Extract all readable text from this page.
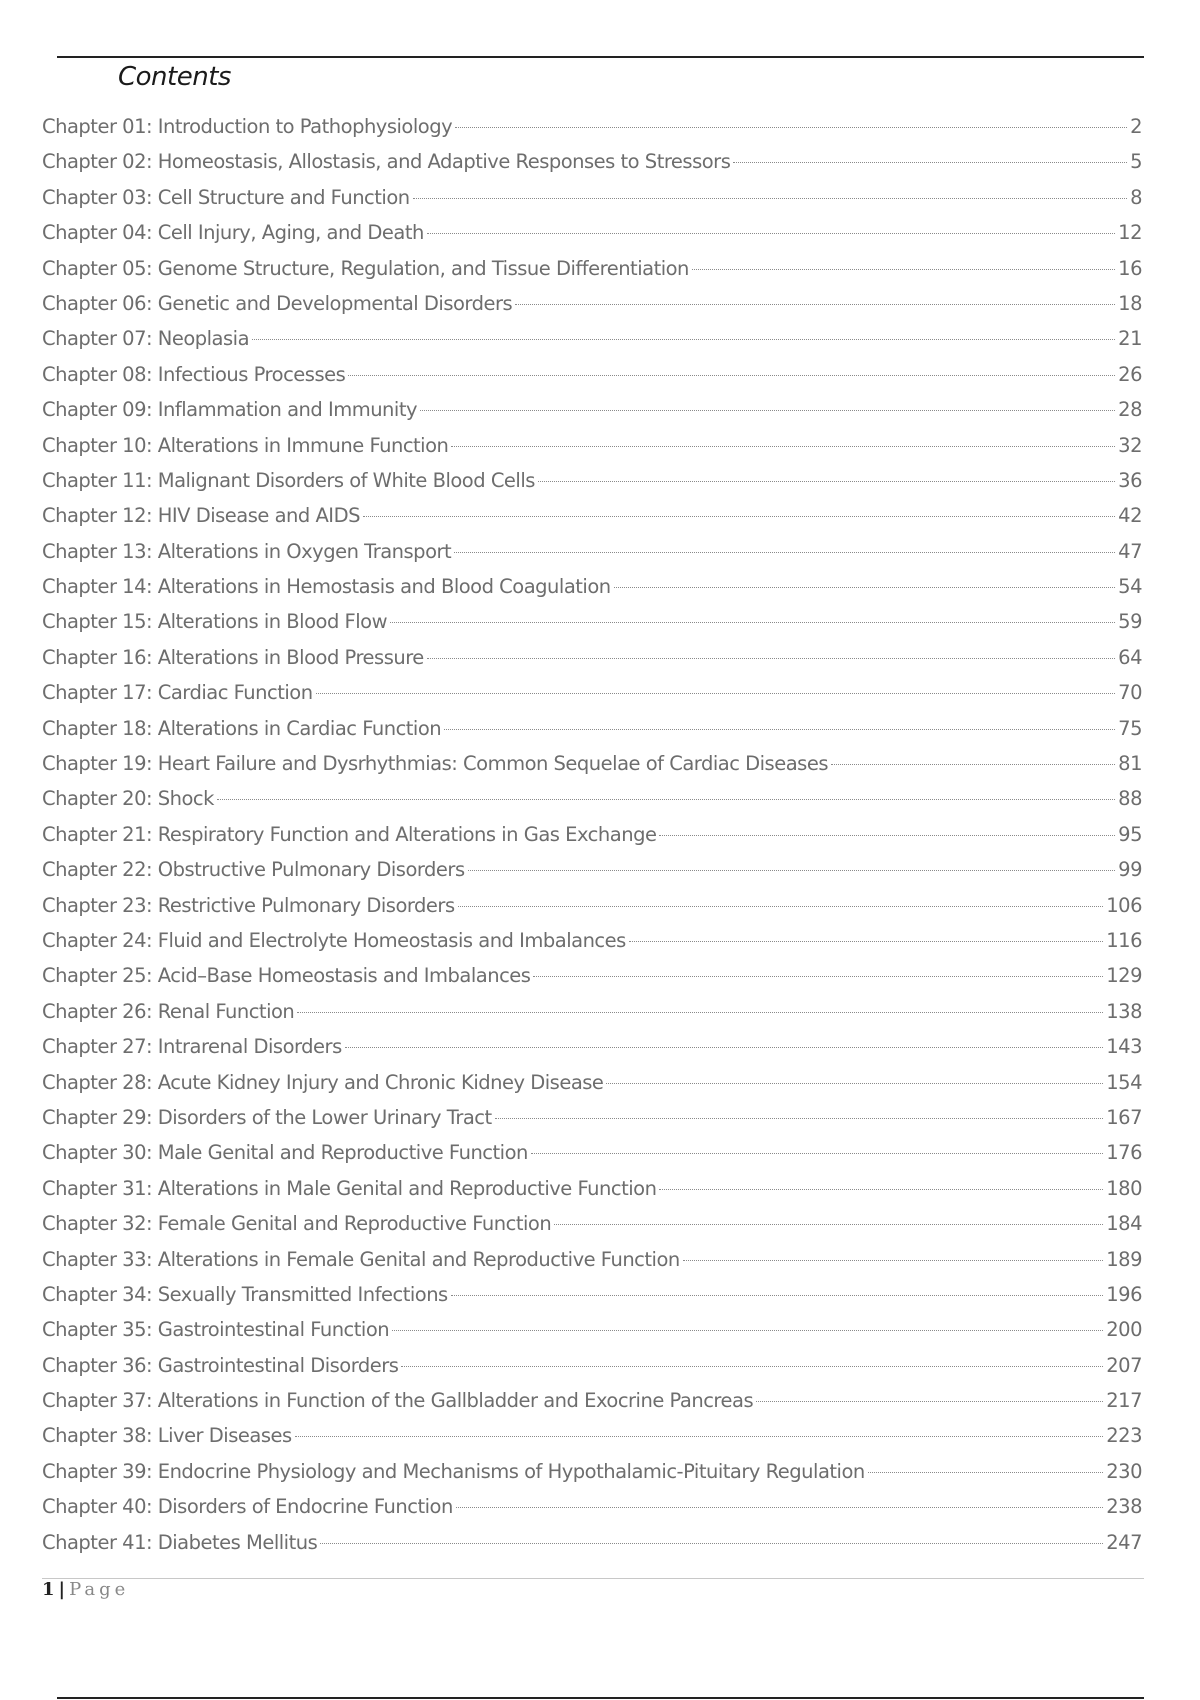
Contents
Chapter 01: Introduction to Pathophysiology	2
Chapter 02: Homeostasis, Allostasis, and Adaptive Responses to Stressors	5
Chapter 03: Cell Structure and Function	8
Chapter 04: Cell Injury, Aging, and Death	12
Chapter 05: Genome Structure, Regulation, and Tissue Differentiation	16
Chapter 06: Genetic and Developmental Disorders	18
Chapter 07: Neoplasia	21
Chapter 08: Infectious Processes	26
Chapter 09: Inflammation and Immunity	28
Chapter 10: Alterations in Immune Function	32
Chapter 11: Malignant Disorders of White Blood Cells	36
Chapter 12: HIV Disease and AIDS	42
Chapter 13: Alterations in Oxygen Transport	47
Chapter 14: Alterations in Hemostasis and Blood Coagulation	54
Chapter 15: Alterations in Blood Flow	59
Chapter 16: Alterations in Blood Pressure	64
Chapter 17: Cardiac Function	70
Chapter 18: Alterations in Cardiac Function	75
Chapter 19: Heart Failure and Dysrhythmias: Common Sequelae of Cardiac Diseases	81
Chapter 20: Shock	88
Chapter 21: Respiratory Function and Alterations in Gas Exchange	95
Chapter 22: Obstructive Pulmonary Disorders	99
Chapter 23: Restrictive Pulmonary Disorders	106
Chapter 24: Fluid and Electrolyte Homeostasis and Imbalances	116
Chapter 25: Acid–Base Homeostasis and Imbalances	129
Chapter 26: Renal Function	138
Chapter 27: Intrarenal Disorders	143
Chapter 28: Acute Kidney Injury and Chronic Kidney Disease	154
Chapter 29: Disorders of the Lower Urinary Tract	167
Chapter 30: Male Genital and Reproductive Function	176
Chapter 31: Alterations in Male Genital and Reproductive Function	180
Chapter 32: Female Genital and Reproductive Function	184
Chapter 33: Alterations in Female Genital and Reproductive Function	189
Chapter 34: Sexually Transmitted Infections	196
Chapter 35: Gastrointestinal Function	200
Chapter 36: Gastrointestinal Disorders	207
Chapter 37: Alterations in Function of the Gallbladder and Exocrine Pancreas	217
Chapter 38: Liver Diseases	223
Chapter 39: Endocrine Physiology and Mechanisms of Hypothalamic-Pituitary Regulation	230
Chapter 40: Disorders of Endocrine Function	238
Chapter 41: Diabetes Mellitus	247
1 | Page
